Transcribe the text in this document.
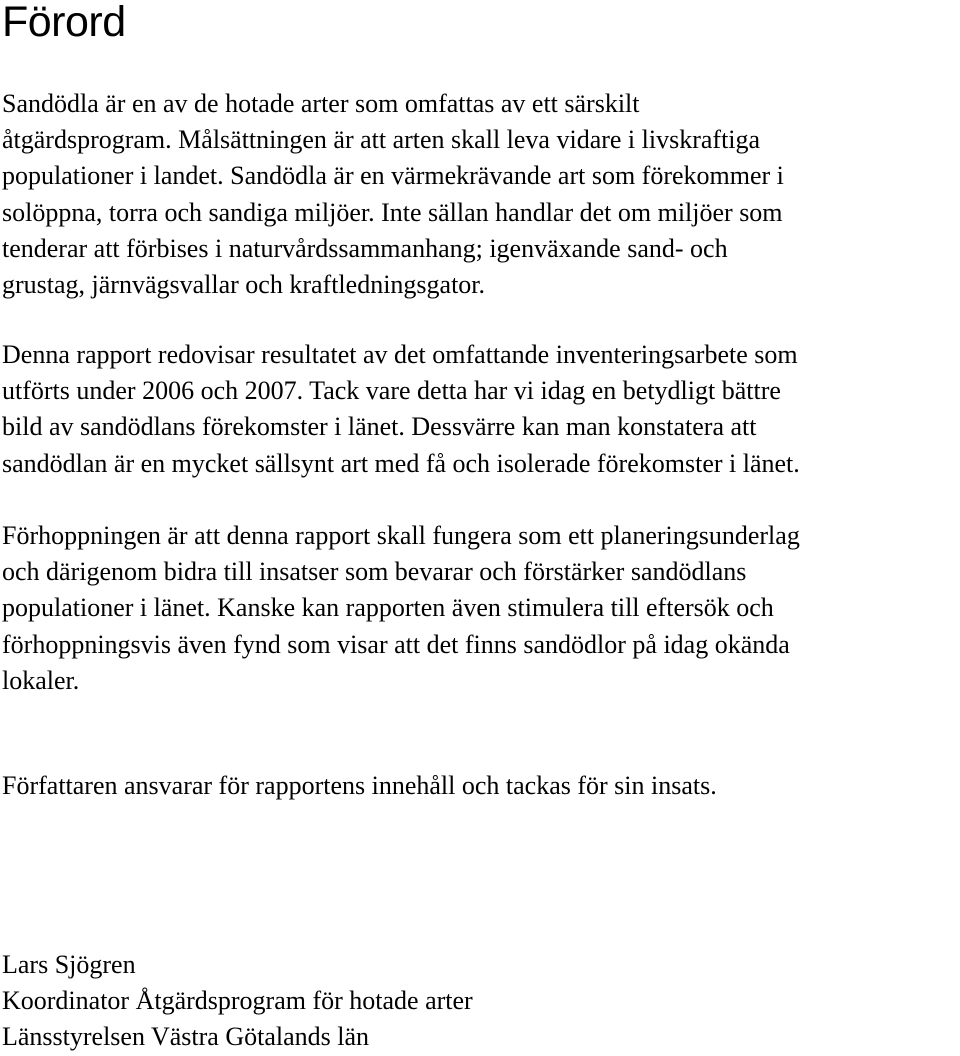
Förord

Sandödla är en av de hotade arter som omfattas av ett särskilt
åtgärdsprogram. Målsättningen är att arten skall leva vidare i livskraftiga
populationer i landet. Sandödla är en värmekrävande art som förekommer i
solöppna, torra och sandiga miljöer. Inte sällan handlar det om miljöer som
tenderar att förbises i naturvårdssammanhang; igenväxande sand- och
grustag, järnvägsvallar och kraftledningsgator.

Denna rapport redovisar resultatet av det omfattande inventeringsarbete som
utförts under 2006 och 2007. Tack vare detta har vi idag en betydligt bättre
bild av sandödlans förekomster i länet. Dessvärre kan man konstatera att
sandödlan är en mycket sällsynt art med få och isolerade förekomster i länet.

Förhoppningen är att denna rapport skall fungera som ett planeringsunderlag
och därigenom bidra till insatser som bevarar och förstärker sandödlans
populationer i länet. Kanske kan rapporten även stimulera till eftersök och
förhoppningsvis även fynd som visar att det finns sandödlor på idag okända
lokaler.

Författaren ansvarar för rapportens innehåll och tackas för sin insats.

Lars Sjögren
Koordinator Åtgärdsprogram för hotade arter
Länsstyrelsen Västra Götalands län
